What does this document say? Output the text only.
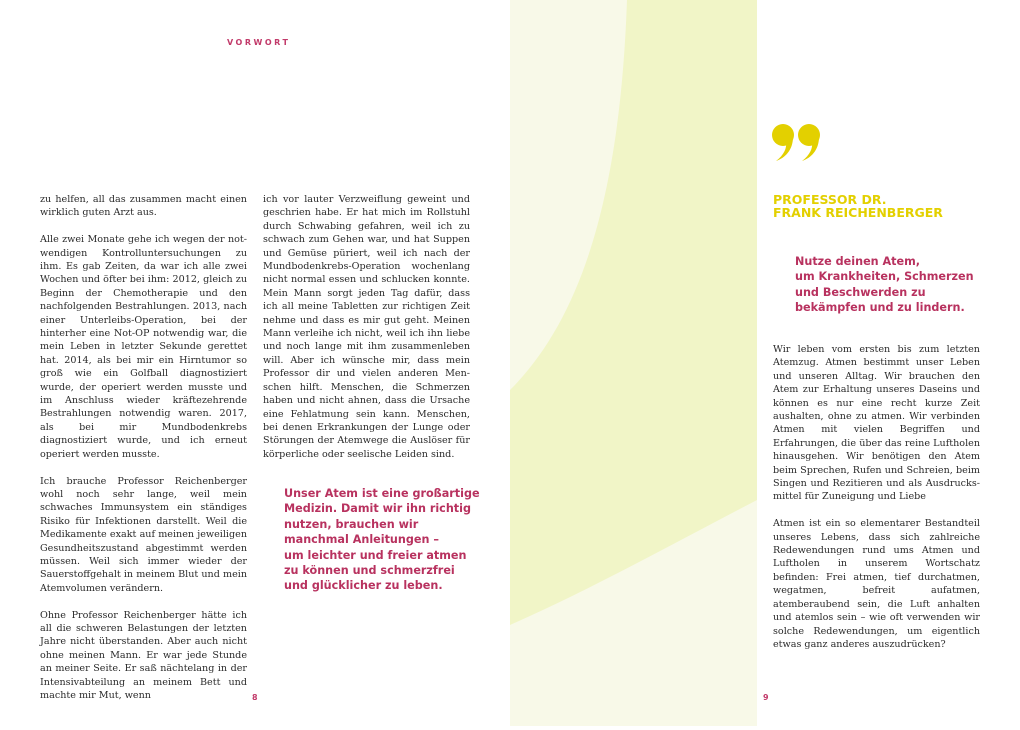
VORWORT

zu helfen, all das zusammen macht einen wirklich guten Arzt aus.

Alle zwei Monate gehe ich wegen der notwendigen Kontrolluntersuchungen zu ihm. Es gab Zeiten, da war ich alle zwei Wochen und öfter bei ihm: 2012, gleich zu Beginn der Chemotherapie und den nachfolgenden Bestrahlungen. 2013, nach einer Unterleibs-Operation, bei der hinterher eine Not-OP notwendig war, die mein Leben in letzter Sekunde gerettet hat. 2014, als bei mir ein Hirntumor so groß wie ein Golfball diagnostiziert wurde, der operiert werden musste und im Anschluss wieder kräftezehrende Bestrahlungen notwendig waren. 2017, als bei mir Mundbodenkrebs diagnostiziert wurde, und ich erneut operiert werden musste.

Ich brauche Professor Reichenberger wohl noch sehr lange, weil mein schwaches Immunsystem ein ständiges Risiko für Infektionen darstellt. Weil die Medikamente exakt auf meinen jeweiligen Gesundheitszustand abgestimmt werden müssen. Weil sich immer wieder der Sauerstoffgehalt in meinem Blut und mein Atemvolumen verändern.

Ohne Professor Reichenberger hätte ich all die schweren Belastungen der letzten Jahre nicht überstanden. Aber auch nicht ohne meinen Mann. Er war jede Stunde an meiner Seite. Er saß nächtelang in der Intensivabteilung an meinem Bett und machte mir Mut, wenn

ich vor lauter Verzweiflung geweint und geschrien habe. Er hat mich im Rollstuhl durch Schwabing gefahren, weil ich zu schwach zum Gehen war, und hat Suppen und Gemüse püriert, weil ich nach der Mundbodenkrebs-Operation wochenlang nicht normal essen und schlucken konnte. Mein Mann sorgt jeden Tag dafür, dass ich all meine Tabletten zur richtigen Zeit nehme und dass es mir gut geht. Meinen Mann verleihe ich nicht, weil ich ihn liebe und noch lange mit ihm zusammenleben will. Aber ich wünsche mir, dass mein Professor dir und vielen anderen Menschen hilft. Menschen, die Schmerzen haben und nicht ahnen, dass die Ursache eine Fehlatmung sein kann. Menschen, bei denen Erkrankungen der Lunge oder Störungen der Atemwege die Auslöser für körperliche oder seelische Leiden sind.

Unser Atem ist eine großartige
Medizin. Damit wir ihn richtig
nutzen, brauchen wir
manchmal Anleitungen –
um leichter und freier atmen
zu können und schmerzfrei
und glücklicher zu leben.
8
PROFESSOR DR.
FRANK REICHENBERGER
Nutze deinen Atem,
um Krankheiten, Schmerzen
und Beschwerden zu
bekämpfen und zu lindern.

Wir leben vom ersten bis zum letzten Atemzug. Atmen bestimmt unser Leben und unseren Alltag. Wir brauchen den Atem zur Erhaltung unseres Daseins und können es nur eine recht kurze Zeit aushalten, ohne zu atmen. Wir verbinden Atmen mit vielen Begriffen und Erfahrungen, die über das reine Luftholen hinausgehen. Wir benötigen den Atem beim Sprechen, Rufen und Schreien, beim Singen und Rezitieren und als Ausdrucksmittel für Zuneigung und Liebe

Atmen ist ein so elementarer Bestandteil unseres Lebens, dass sich zahlreiche Redewendungen rund ums Atmen und Luftholen in unserem Wortschatz befinden: Frei atmen, tief durchatmen, wegatmen, befreit aufatmen, atemberaubend sein, die Luft anhalten und atemlos sein – wie oft verwenden wir solche Redewendungen, um eigentlich etwas ganz anderes auszudrücken?

9
